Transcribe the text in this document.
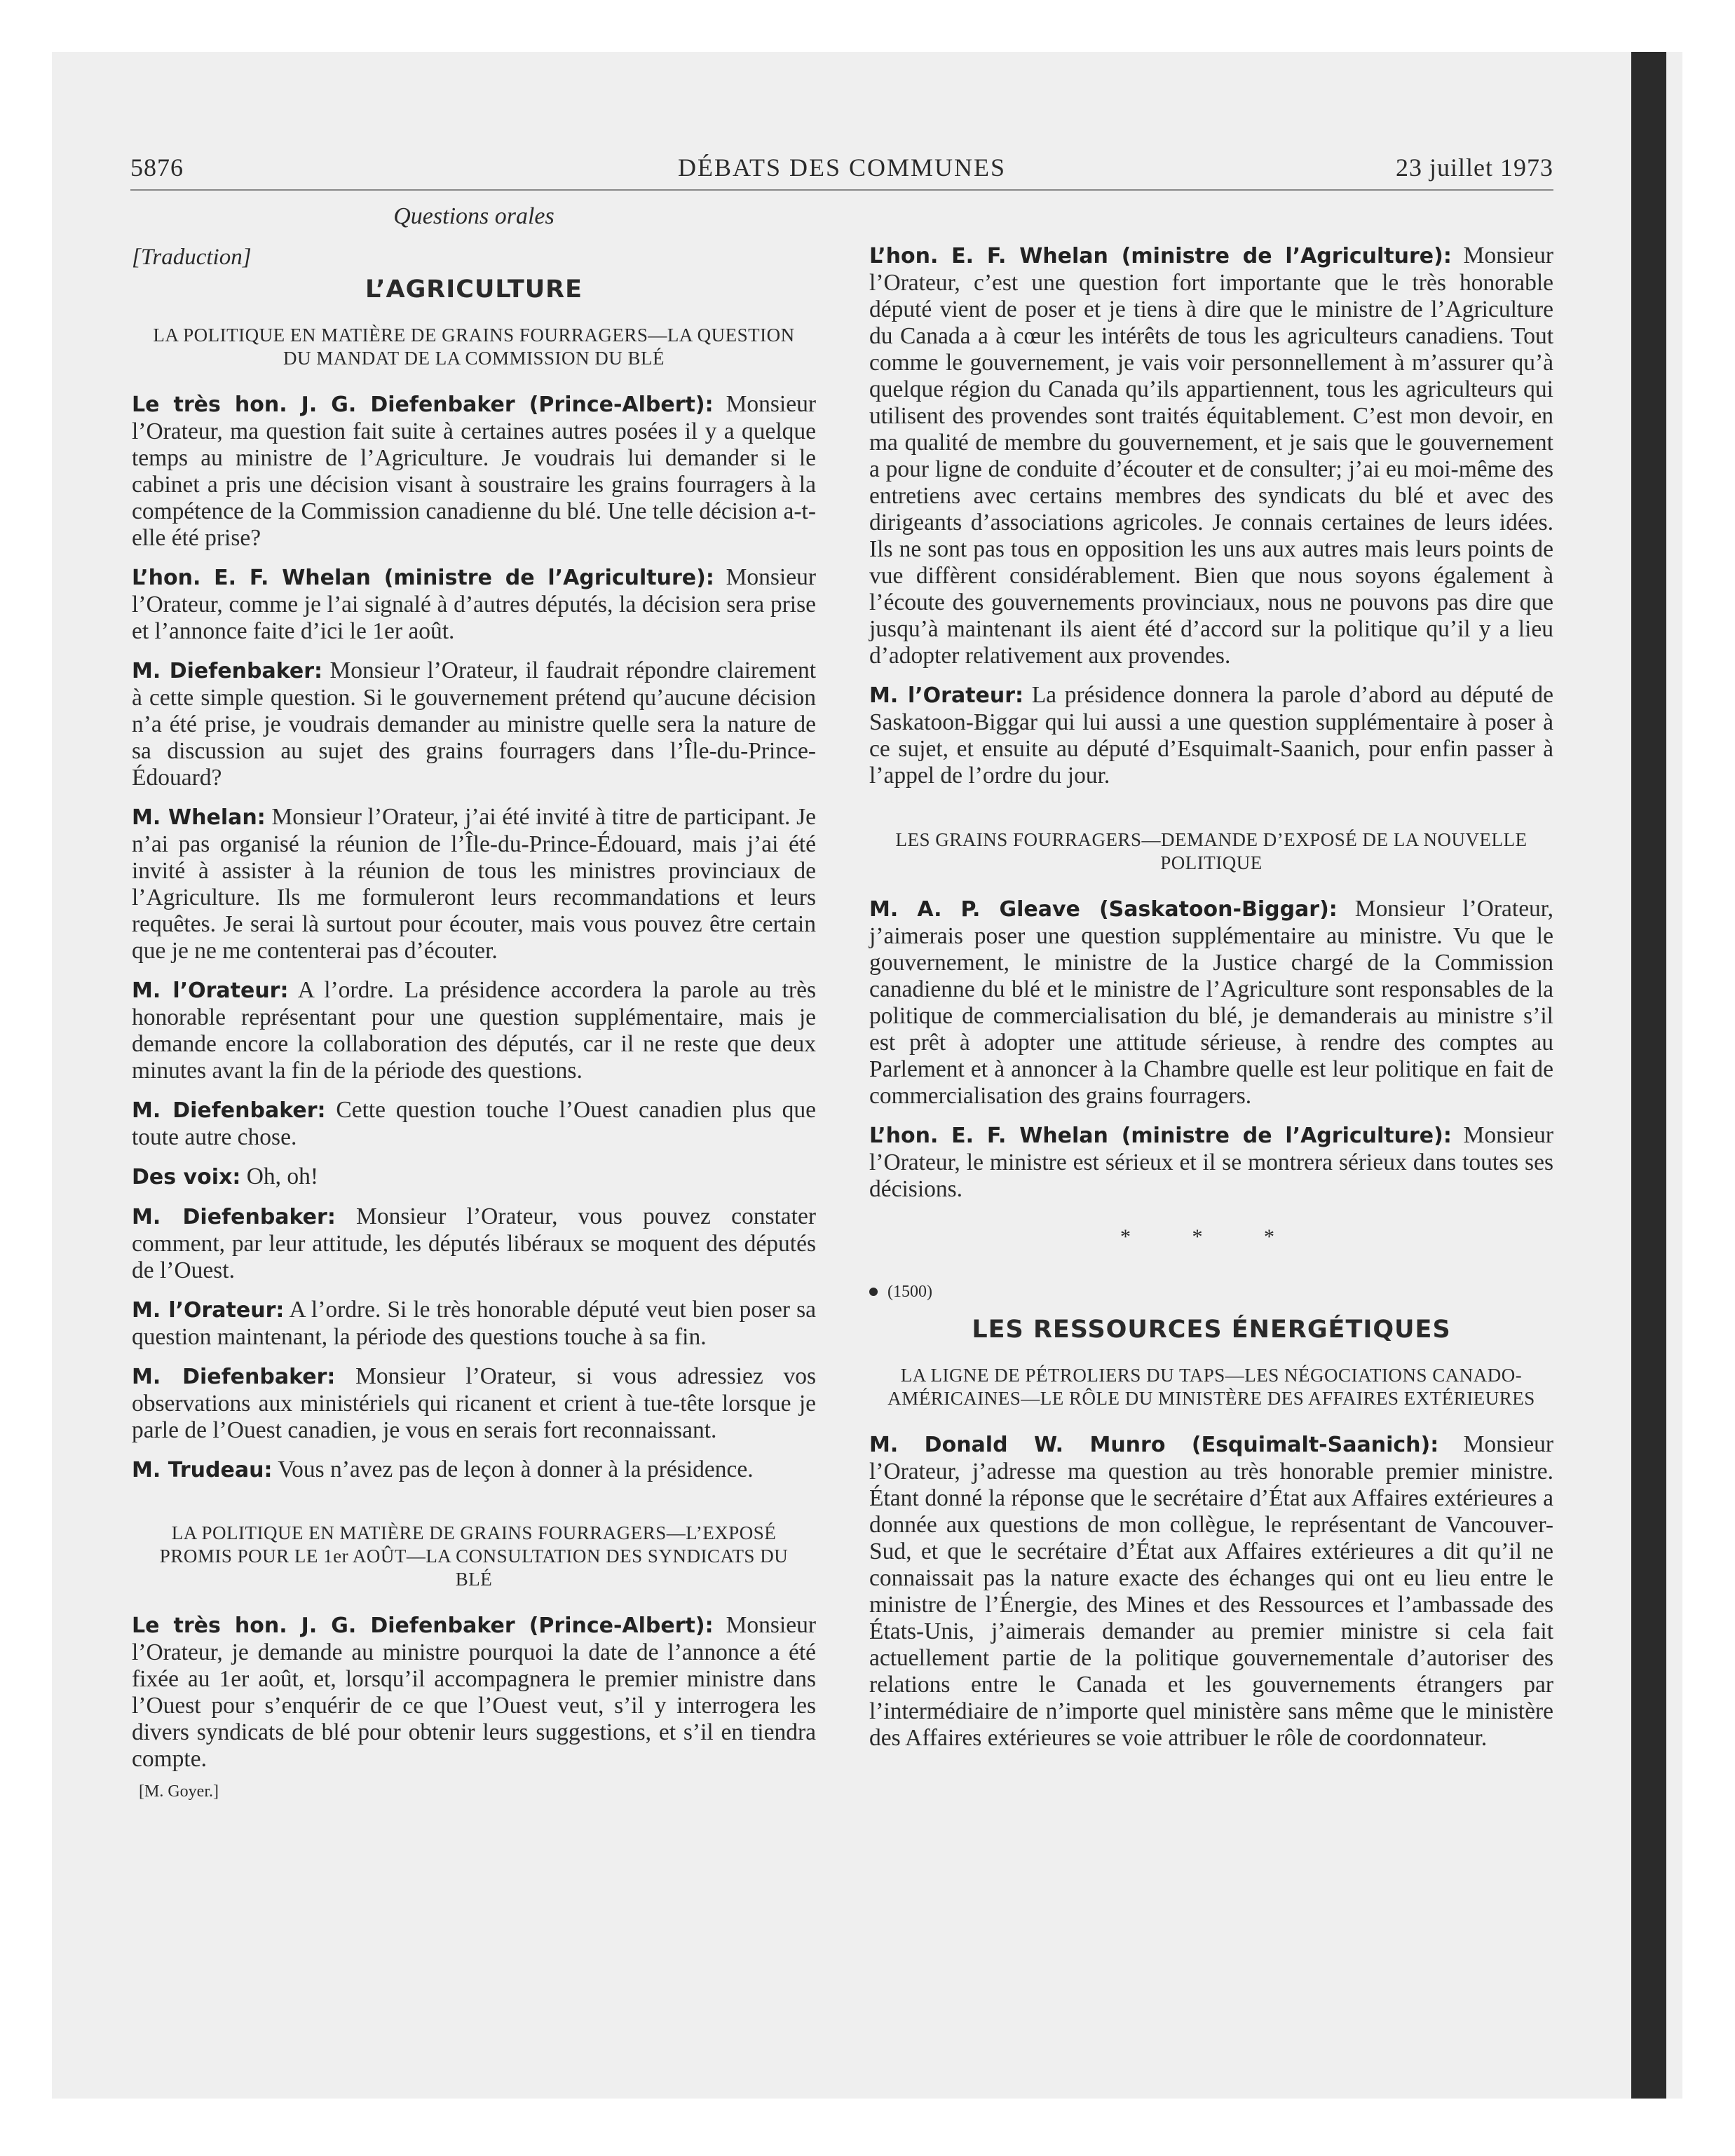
5876	DÉBATS DES COMMUNES	23 juillet 1973
Questions orales
[Traduction]
L’AGRICULTURE
LA POLITIQUE EN MATIÈRE DE GRAINS FOURRAGERS—LA QUESTION DU MANDAT DE LA COMMISSION DU BLÉ

Le très hon. J. G. Diefenbaker (Prince-Albert): Monsieur l’Orateur, ma question fait suite à certaines autres posées il y a quelque temps au ministre de l’Agriculture. Je voudrais lui demander si le cabinet a pris une décision visant à soustraire les grains fourragers à la compétence de la Commission canadienne du blé. Une telle décision a-t-elle été prise?

L’hon. E. F. Whelan (ministre de l’Agriculture): Monsieur l’Orateur, comme je l’ai signalé à d’autres députés, la décision sera prise et l’annonce faite d’ici le 1er août.

M. Diefenbaker: Monsieur l’Orateur, il faudrait répondre clairement à cette simple question. Si le gouvernement prétend qu’aucune décision n’a été prise, je voudrais demander au ministre quelle sera la nature de sa discussion au sujet des grains fourragers dans l’Île-du-Prince-Édouard?

M. Whelan: Monsieur l’Orateur, j’ai été invité à titre de participant. Je n’ai pas organisé la réunion de l’Île-du-Prince-Édouard, mais j’ai été invité à assister à la réunion de tous les ministres provinciaux de l’Agriculture. Ils me formuleront leurs recommandations et leurs requêtes. Je serai là surtout pour écouter, mais vous pouvez être certain que je ne me contenterai pas d’écouter.

M. l’Orateur: A l’ordre. La présidence accordera la parole au très honorable représentant pour une question supplémentaire, mais je demande encore la collaboration des députés, car il ne reste que deux minutes avant la fin de la période des questions.

M. Diefenbaker: Cette question touche l’Ouest canadien plus que toute autre chose.

Des voix: Oh, oh!

M. Diefenbaker: Monsieur l’Orateur, vous pouvez constater comment, par leur attitude, les députés libéraux se moquent des députés de l’Ouest.

M. l’Orateur: A l’ordre. Si le très honorable député veut bien poser sa question maintenant, la période des questions touche à sa fin.

M. Diefenbaker: Monsieur l’Orateur, si vous adressiez vos observations aux ministériels qui ricanent et crient à tue-tête lorsque je parle de l’Ouest canadien, je vous en serais fort reconnaissant.

M. Trudeau: Vous n’avez pas de leçon à donner à la présidence.

LA POLITIQUE EN MATIÈRE DE GRAINS FOURRAGERS—L’EXPOSÉ PROMIS POUR LE 1er AOÛT—LA CONSULTATION DES SYNDICATS DU BLÉ

Le très hon. J. G. Diefenbaker (Prince-Albert): Monsieur l’Orateur, je demande au ministre pourquoi la date de l’annonce a été fixée au 1er août, et, lorsqu’il accompagnera le premier ministre dans l’Ouest pour s’enquérir de ce que l’Ouest veut, s’il y interrogera les divers syndicats de blé pour obtenir leurs suggestions, et s’il en tiendra compte.

[M. Goyer.]

L’hon. E. F. Whelan (ministre de l’Agriculture): Monsieur l’Orateur, c’est une question fort importante que le très honorable député vient de poser et je tiens à dire que le ministre de l’Agriculture du Canada a à cœur les intérêts de tous les agriculteurs canadiens. Tout comme le gouvernement, je vais voir personnellement à m’assurer qu’à quelque région du Canada qu’ils appartiennent, tous les agriculteurs qui utilisent des provendes sont traités équitablement. C’est mon devoir, en ma qualité de membre du gouvernement, et je sais que le gouvernement a pour ligne de conduite d’écouter et de consulter; j’ai eu moi-même des entretiens avec certains membres des syndicats du blé et avec des dirigeants d’associations agricoles. Je connais certaines de leurs idées. Ils ne sont pas tous en opposition les uns aux autres mais leurs points de vue diffèrent considérablement. Bien que nous soyons également à l’écoute des gouvernements provinciaux, nous ne pouvons pas dire que jusqu’à maintenant ils aient été d’accord sur la politique qu’il y a lieu d’adopter relativement aux provendes.

M. l’Orateur: La présidence donnera la parole d’abord au député de Saskatoon-Biggar qui lui aussi a une question supplémentaire à poser à ce sujet, et ensuite au député d’Esquimalt-Saanich, pour enfin passer à l’appel de l’ordre du jour.

LES GRAINS FOURRAGERS—DEMANDE D’EXPOSÉ DE LA NOUVELLE POLITIQUE

M. A. P. Gleave (Saskatoon-Biggar): Monsieur l’Orateur, j’aimerais poser une question supplémentaire au ministre. Vu que le gouvernement, le ministre de la Justice chargé de la Commission canadienne du blé et le ministre de l’Agriculture sont responsables de la politique de commercialisation du blé, je demanderais au ministre s’il est prêt à adopter une attitude sérieuse, à rendre des comptes au Parlement et à annoncer à la Chambre quelle est leur politique en fait de commercialisation des grains fourragers.

L’hon. E. F. Whelan (ministre de l’Agriculture): Monsieur l’Orateur, le ministre est sérieux et il se montrera sérieux dans toutes ses décisions.

* * *
(1500)
LES RESSOURCES ÉNERGÉTIQUES
LA LIGNE DE PÉTROLIERS DU TAPS—LES NÉGOCIATIONS CANADO-AMÉRICAINES—LE RÔLE DU MINISTÈRE DES AFFAIRES EXTÉRIEURES

M. Donald W. Munro (Esquimalt-Saanich): Monsieur l’Orateur, j’adresse ma question au très honorable premier ministre. Étant donné la réponse que le secrétaire d’État aux Affaires extérieures a donnée aux questions de mon collègue, le représentant de Vancouver-Sud, et que le secrétaire d’État aux Affaires extérieures a dit qu’il ne connaissait pas la nature exacte des échanges qui ont eu lieu entre le ministre de l’Énergie, des Mines et des Ressources et l’ambassade des États-Unis, j’aimerais demander au premier ministre si cela fait actuellement partie de la politique gouvernementale d’autoriser des relations entre le Canada et les gouvernements étrangers par l’intermédiaire de n’importe quel ministère sans même que le ministère des Affaires extérieures se voie attribuer le rôle de coordonnateur.
